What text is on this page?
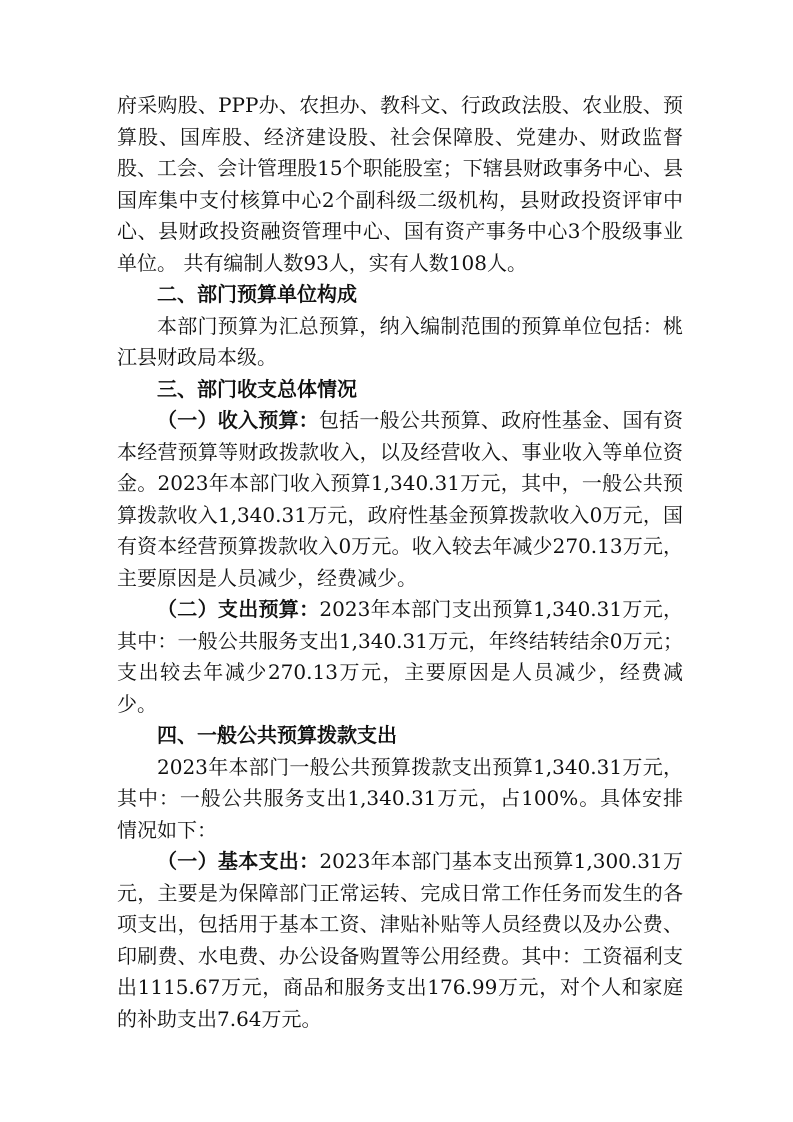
府采购股、PPP办、农担办、教科文、行政政法股、农业股、预算股、国库股、经济建设股、社会保障股、党建办、财政监督股、工会、会计管理股15个职能股室；下辖县财政事务中心、县国库集中支付核算中心2个副科级二级机构，县财政投资评审中心、县财政投资融资管理中心、国有资产事务中心3个股级事业单位。 共有编制人数93人，实有人数108人。

二、部门预算单位构成

本部门预算为汇总预算，纳入编制范围的预算单位包括：桃江县财政局本级。

三、部门收支总体情况

（一）收入预算：包括一般公共预算、政府性基金、国有资本经营预算等财政拨款收入，以及经营收入、事业收入等单位资金。2023年本部门收入预算1,340.31万元，其中，一般公共预算拨款收入1,340.31万元，政府性基金预算拨款收入0万元，国有资本经营预算拨款收入0万元。收入较去年减少270.13万元，主要原因是人员减少，经费减少。

（二）支出预算：2023年本部门支出预算1,340.31万元，其中：一般公共服务支出1,340.31万元，年终结转结余0万元；支出较去年减少270.13万元，主要原因是人员减少，经费减少。

四、一般公共预算拨款支出

2023年本部门一般公共预算拨款支出预算1,340.31万元，其中：一般公共服务支出1,340.31万元，占100%。具体安排情况如下：

（一）基本支出：2023年本部门基本支出预算1,300.31万元，主要是为保障部门正常运转、完成日常工作任务而发生的各项支出，包括用于基本工资、津贴补贴等人员经费以及办公费、印刷费、水电费、办公设备购置等公用经费。其中：工资福利支出1115.67万元，商品和服务支出176.99万元，对个人和家庭的补助支出7.64万元。
